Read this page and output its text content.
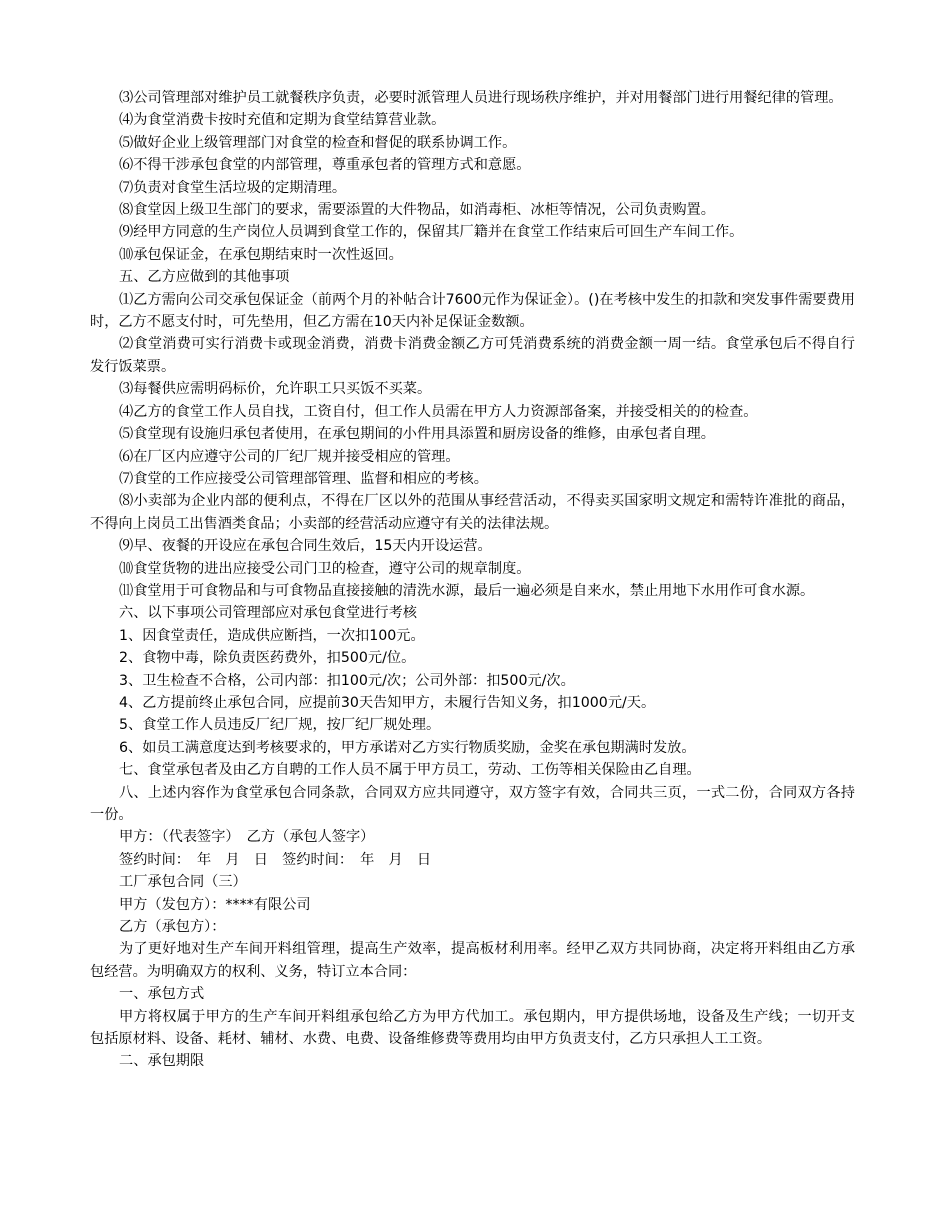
⑶公司管理部对维护员工就餐秩序负责，必要时派管理人员进行现场秩序维护，并对用餐部门进行用餐纪律的管理。

⑷为食堂消费卡按时充值和定期为食堂结算营业款。

⑸做好企业上级管理部门对食堂的检查和督促的联系协调工作。

⑹不得干涉承包食堂的内部管理，尊重承包者的管理方式和意愿。

⑺负责对食堂生活垃圾的定期清理。

⑻食堂因上级卫生部门的要求，需要添置的大件物品，如消毒柜、冰柜等情况，公司负责购置。

⑼经甲方同意的生产岗位人员调到食堂工作的，保留其厂籍并在食堂工作结束后可回生产车间工作。

⑽承包保证金，在承包期结束时一次性返回。

五、乙方应做到的其他事项

⑴乙方需向公司交承包保证金（前两个月的补帖合计7600元作为保证金）。()在考核中发生的扣款和突发事件需要费用时，乙方不愿支付时，可先垫用，但乙方需在10天内补足保证金数额。

⑵食堂消费可实行消费卡或现金消费，消费卡消费金额乙方可凭消费系统的消费金额一周一结。食堂承包后不得自行发行饭菜票。

⑶每餐供应需明码标价，允许职工只买饭不买菜。

⑷乙方的食堂工作人员自找，工资自付，但工作人员需在甲方人力资源部备案，并接受相关的的检查。

⑸食堂现有设施归承包者使用，在承包期间的小件用具添置和厨房设备的维修，由承包者自理。

⑹在厂区内应遵守公司的厂纪厂规并接受相应的管理。

⑺食堂的工作应接受公司管理部管理、监督和相应的考核。

⑻小卖部为企业内部的便利点，不得在厂区以外的范围从事经营活动，不得卖买国家明文规定和需特许准批的商品，不得向上岗员工出售酒类食品；小卖部的经营活动应遵守有关的法律法规。

⑼早、夜餐的开设应在承包合同生效后，15天内开设运营。

⑽食堂货物的进出应接受公司门卫的检查，遵守公司的规章制度。

⑾食堂用于可食物品和与可食物品直接接触的清洗水源，最后一遍必须是自来水，禁止用地下水用作可食水源。

六、以下事项公司管理部应对承包食堂进行考核

1、因食堂责任，造成供应断挡，一次扣100元。

2、食物中毒，除负责医药费外，扣500元/位。

3、卫生检查不合格，公司内部：扣100元/次；公司外部：扣500元/次。

4、乙方提前终止承包合同，应提前30天告知甲方，未履行告知义务，扣1000元/天。

5、食堂工作人员违反厂纪厂规，按厂纪厂规处理。

6、如员工满意度达到考核要求的，甲方承诺对乙方实行物质奖励，金奖在承包期满时发放。

七、食堂承包者及由乙方自聘的工作人员不属于甲方员工，劳动、工伤等相关保险由乙自理。

八、上述内容作为食堂承包合同条款，合同双方应共同遵守，双方签字有效，合同共三页，一式二份，合同双方各持一份。

甲方：（代表签字）　乙方（承包人签字）

签约时间：　年　月　日　签约时间：　年　月　日

工厂承包合同（三）

甲方（发包方）：****有限公司

乙方（承包方）：

为了更好地对生产车间开料组管理，提高生产效率，提高板材利用率。经甲乙双方共同协商，决定将开料组由乙方承包经营。为明确双方的权利、义务，特订立本合同：

一、承包方式

甲方将权属于甲方的生产车间开料组承包给乙方为甲方代加工。承包期内，甲方提供场地，设备及生产线；一切开支包括原材料、设备、耗材、辅材、水费、电费、设备维修费等费用均由甲方负责支付，乙方只承担人工工资。

二、承包期限
